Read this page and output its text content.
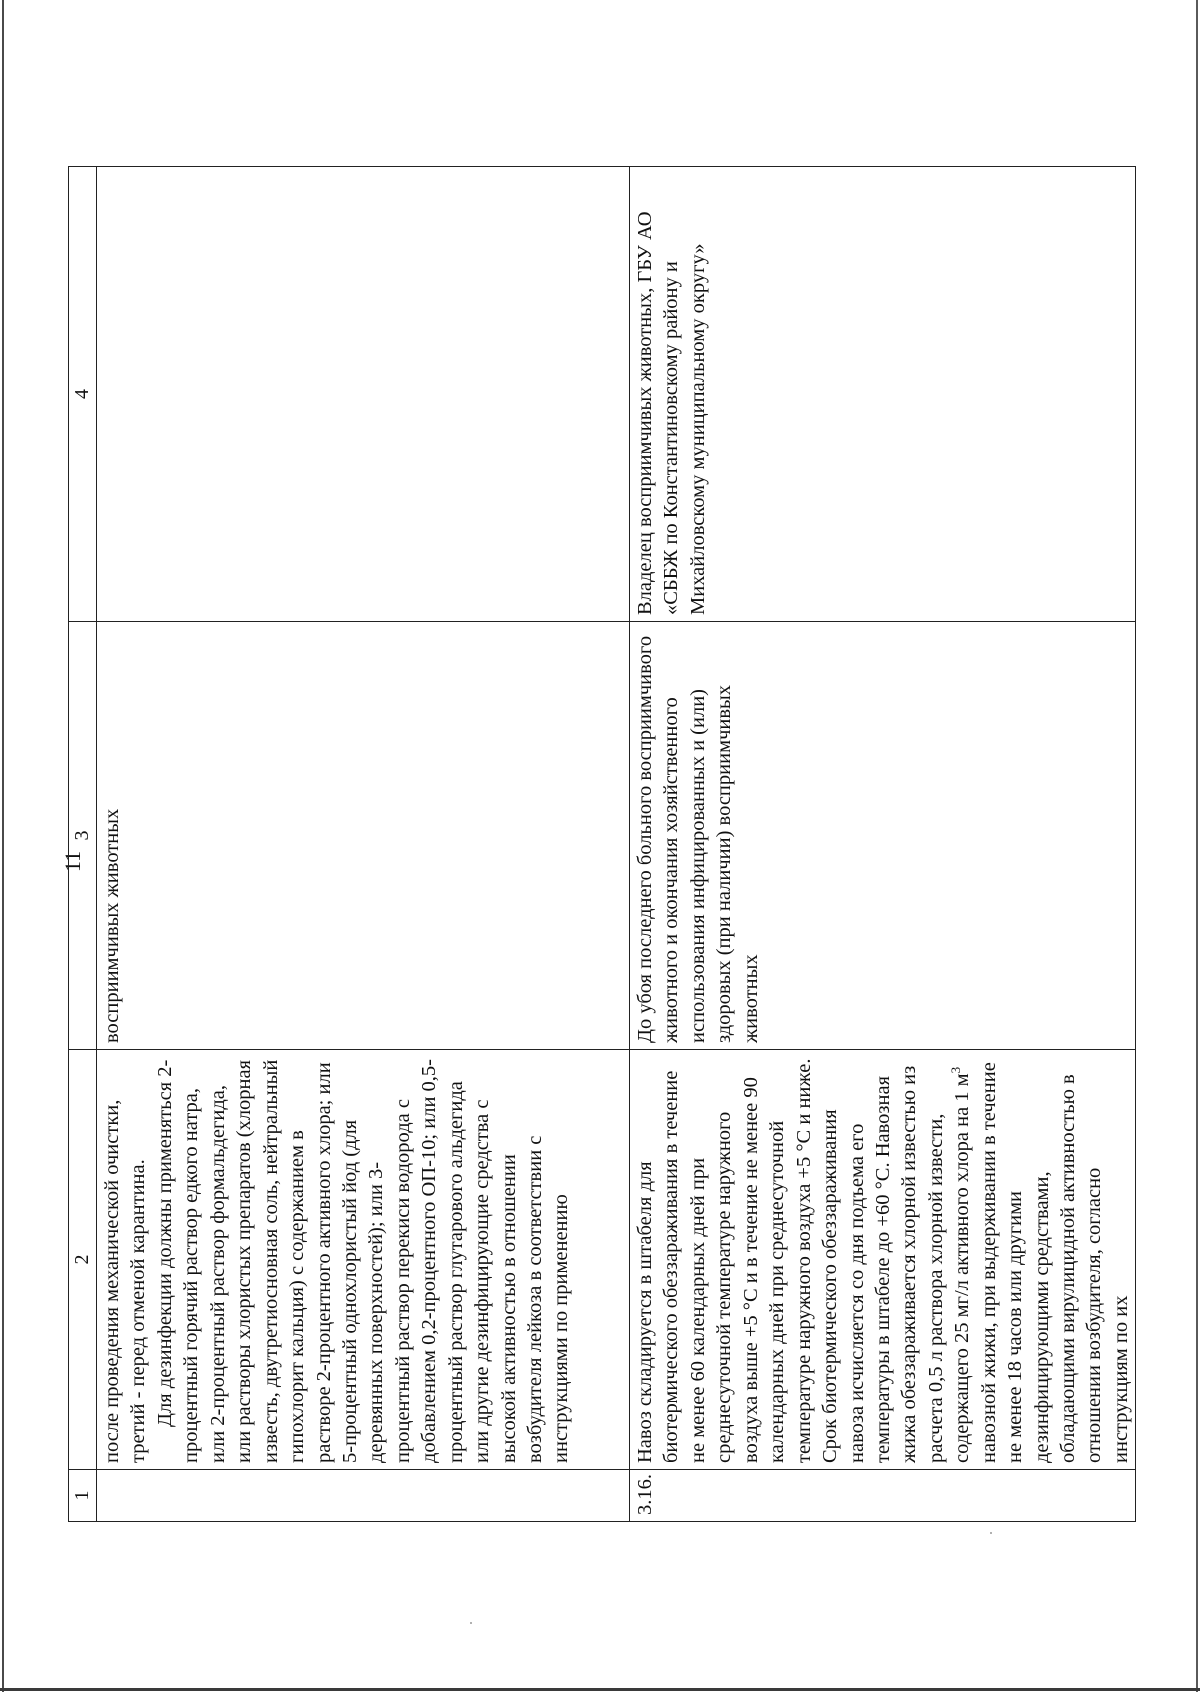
11
1	2	3	4

	после проведения механической очистки, третий - перед отменой карантина. Для дезинфекции должны применяться 2-процентный горячий раствор едкого натра, или 2-процентный раствор формальдегида, или растворы хлористых препаратов (хлорная известь, двутретиосновная соль, нейтральный гипохлорит кальция) с содержанием в растворе 2-процентного активного хлора; или 5-процентный однохлористый йод (для деревянных поверхностей); или 3-процентный раствор перекиси водорода с добавлением 0,2-процентного ОП-10; или 0,5-процентный раствор глутарового альдегида или другие дезинфицирующие средства с высокой активностью в отношении возбудителя лейкоза в соответствии с инструкциями по применению	восприимчивых животных	
3.16.	Навоз складируется в штабеля для биотермического обеззараживания в течение не менее 60 календарных дней при среднесуточной температуре наружного воздуха выше +5 °С и в течение не менее 90 календарных дней при среднесуточной температуре наружного воздуха +5 °С и ниже. Срок биотермического обеззараживания навоза исчисляется со дня подъема его температуры в штабеле до +60 °С. Навозная жижа обеззараживается хлорной известью из расчета 0,5 л раствора хлорной извести, содержащего 25 мг/л активного хлора на 1 $м^3$ навозной жижи, при выдерживании в течение не менее 18 часов или другими дезинфицирующими средствами, обладающими вирулицидной активностью в отношении возбудителя, согласно инструкциям по их	До убоя последнего больного восприимчивого животного и окончания хозяйственного использования инфицированных и (или) здоровых (при наличии) восприимчивых животных	Владелец восприимчивых животных, ГБУ АО «СББЖ по Константиновскому району и Михайловскому муниципальному округу»
